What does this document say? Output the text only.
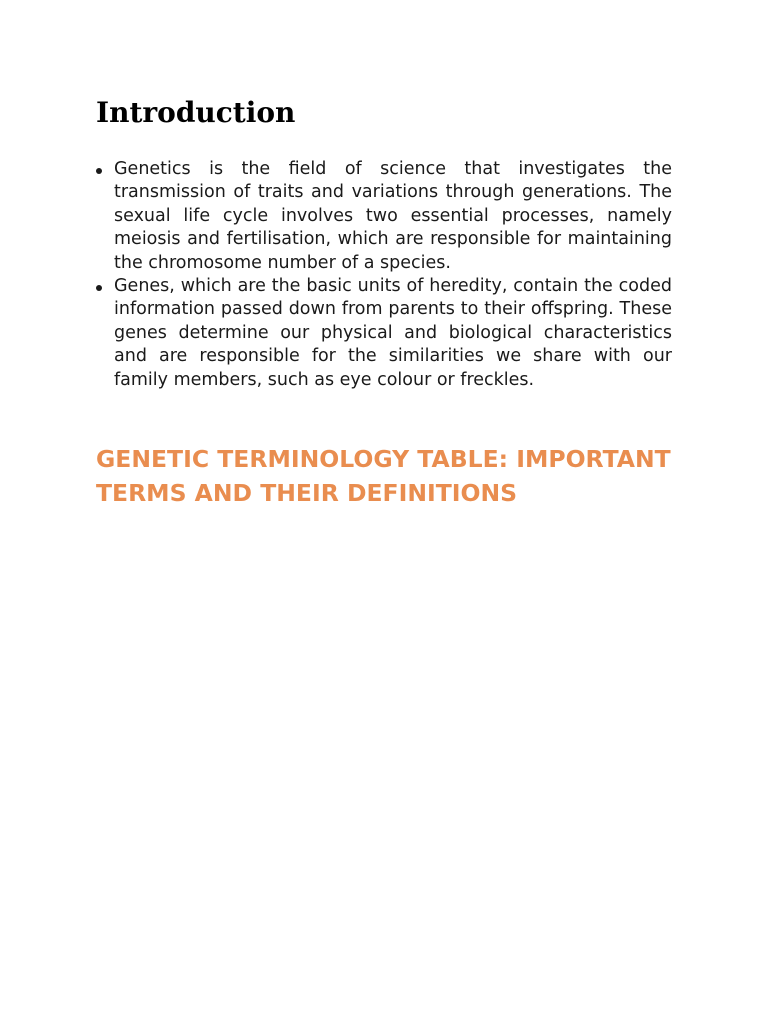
Introduction
Genetics is the field of science that investigates the transmission of traits and variations through generations. The sexual life cycle involves two essential processes, namely meiosis and fertilisation, which are responsible for maintaining the chromosome number of a species.
Genes, which are the basic units of heredity, contain the coded information passed down from parents to their offspring. These genes determine our physical and biological characteristics and are responsible for the similarities we share with our family members, such as eye colour or freckles.
GENETIC TERMINOLOGY TABLE: IMPORTANT TERMS AND THEIR DEFINITIONS
